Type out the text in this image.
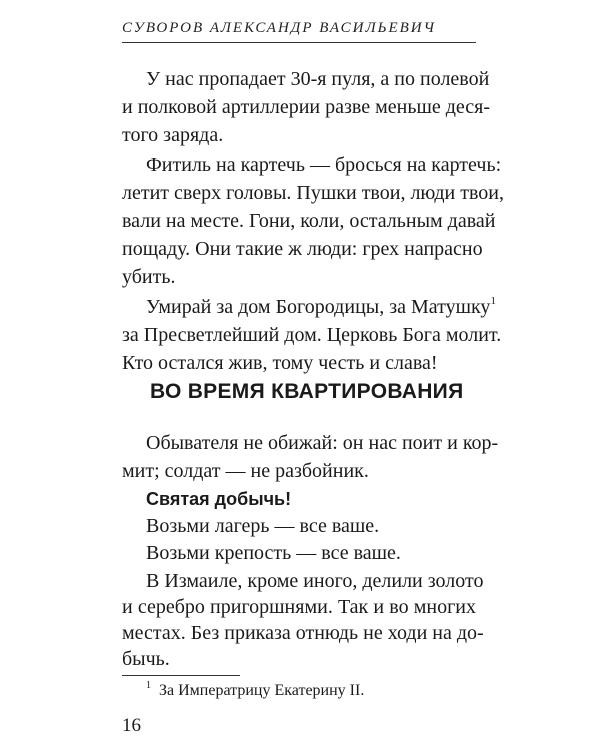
СУВОРОВ АЛЕКСАНДР ВАСИЛЬЕВИЧ
У нас пропадает 30-я пуля, а по полевой
и полковой артиллерии разве меньше деся-
того заряда.
Фитиль на картечь — бросься на картечь:
летит сверх головы. Пушки твои, люди твои,
вали на месте. Гони, коли, остальным давай
пощаду. Они такие ж люди: грех напрасно
убить.
Умирай за дом Богородицы, за Матушку$^1$
за Пресветлейший дом. Церковь Бога молит.
Кто остался жив, тому честь и слава!
ВО ВРЕМЯ КВАРТИРОВАНИЯ
Обывателя не обижай: он нас поит и кор-
мит; солдат — не разбойник.
Святая добычь!
Возьми лагерь — все ваше.
Возьми крепость — все ваше.
В Измаиле, кроме иного, делили золото
и серебро пригоршнями. Так и во многих
местах. Без приказа отнюдь не ходи на до-
бычь.
$^1$ За Императрицу Екатерину II.
16
